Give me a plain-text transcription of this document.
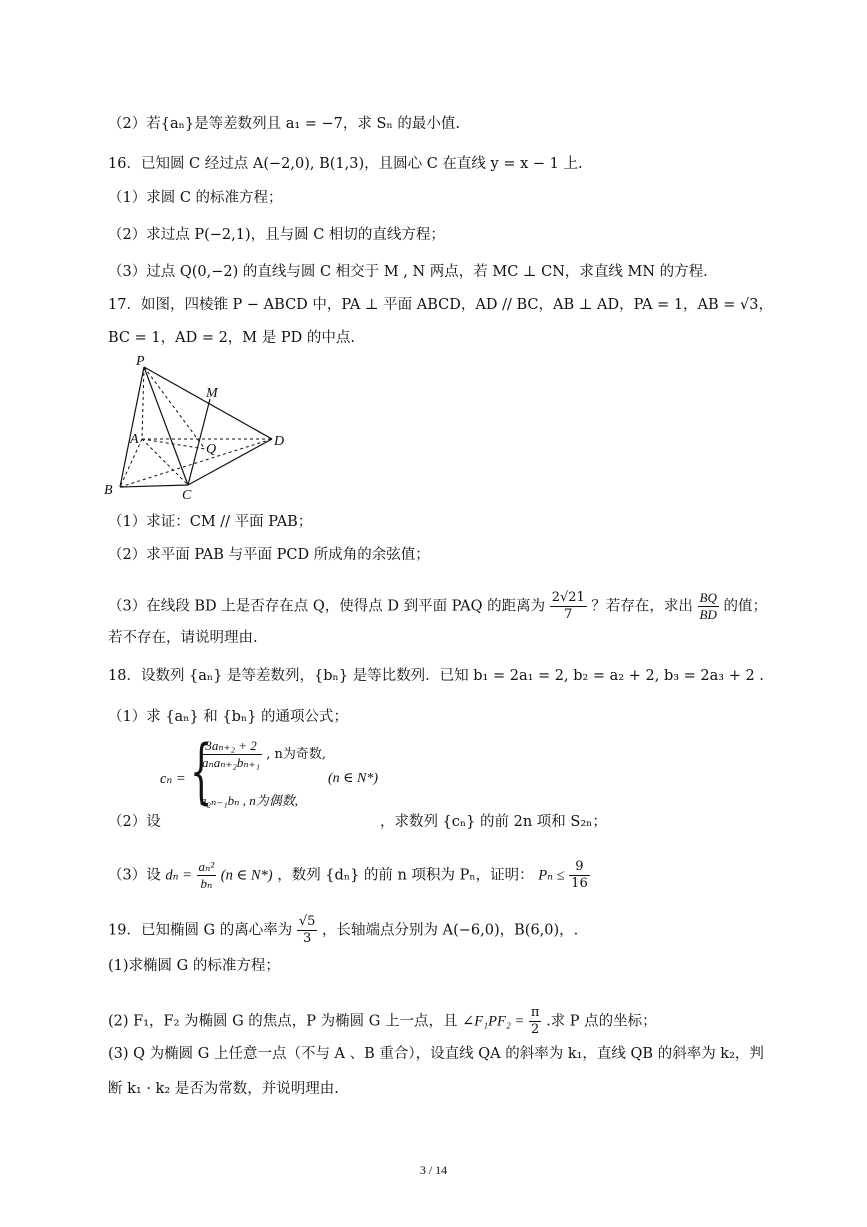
（2）若{aₙ}是等差数列且 a₁ = −7，求 Sₙ 的最小值.
16．已知圆 C 经过点 A(−2,0), B(1,3)，且圆心 C 在直线 y = x − 1 上.
（1）求圆 C 的标准方程；
（2）求过点 P(−2,1)，且与圆 C 相切的直线方程；
（3）过点 Q(0,−2) 的直线与圆 C 相交于 M , N 两点，若 MC ⊥ CN，求直线 MN 的方程.
17．如图，四棱锥 P − ABCD 中，PA ⊥ 平面 ABCD，AD // BC，AB ⊥ AD，PA = 1，AB = √3，
BC = 1，AD = 2，M 是 PD 的中点.
P
M
A
Q
D
B	C
（1）求证：CM // 平面 PAB；
（2）求平面 PAB 与平面 PCD 所成角的余弦值；
（3）在线段 BD 上是否存在点 Q，使得点 D 到平面 PAQ 的距离为 $\frac{2√21}{7}$ ？若存在，求出 $\frac{BQ}{BD}$ 的值；
若不存在，请说明理由.
18．设数列 {aₙ} 是等差数列，{bₙ} 是等比数列．已知 b₁ = 2a₁ = 2, b₂ = a₂ + 2, b₃ = 2a₃ + 2 .
（1）求 {aₙ} 和 {bₙ} 的通项公式；
cₙ = {
$\frac{\text{3aₙ₊₂ + 2}}{\text{aₙaₙ₊₂bₙ₊₁}}$ , n为奇数,
a₂ₙ₋₁bₙ , n为偶数,
(n ∈ N*)
（2）设	，求数列 {cₙ} 的前 2n 项和 S₂ₙ；
（3）设 $d_n = \frac{\text{aₙ²}}{\text{bₙ}} (n$ ∈ N*) ，数列 {dₙ} 的前 n 项积为 Pₙ，证明： $P_n \le \frac{9}{16}$
19．已知椭圆 G 的离心率为 $\frac{√5}{3}$ ，长轴端点分别为 A(−6,0)，B(6,0)，.
(1)求椭圆 G 的标准方程；
(2) F₁，F₂ 为椭圆 G 的焦点，P 为椭圆 G 上一点，且 ∠F₁PF₂ = $\frac{\pi}{2}$ .求 P 点的坐标；
(3) Q 为椭圆 G 上任意一点（不与 A 、B 重合），设直线 QA 的斜率为 k₁，直线 QB 的斜率为 k₂，判
断 k₁ · k₂ 是否为常数，并说明理由.
3 / 14
